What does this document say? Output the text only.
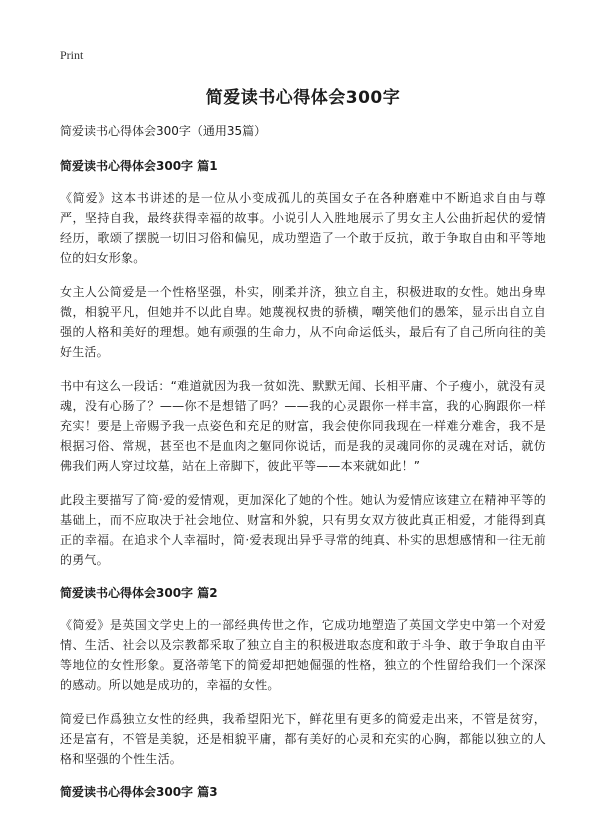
Print
简爱读书心得体会300字
简爱读书心得体会300字（通用35篇）
简爱读书心得体会300字 篇1

《简爱》这本书讲述的是一位从小变成孤儿的英国女子在各种磨难中不断追求自由与尊严，坚持自我，最终获得幸福的故事。小说引人入胜地展示了男女主人公曲折起伏的爱情经历，歌颂了摆脱一切旧习俗和偏见，成功塑造了一个敢于反抗，敢于争取自由和平等地位的妇女形象。

女主人公简爱是一个性格坚强，朴实，刚柔并济，独立自主，积极进取的女性。她出身卑微，相貌平凡，但她并不以此自卑。她蔑视权贵的骄横，嘲笑他们的愚笨，显示出自立自强的人格和美好的理想。她有顽强的生命力，从不向命运低头，最后有了自己所向往的美好生活。

书中有这么一段话：“难道就因为我一贫如洗、默默无闻、长相平庸、个子瘦小，就没有灵魂，没有心肠了？——你不是想错了吗？——我的心灵跟你一样丰富，我的心胸跟你一样充实！要是上帝赐予我一点姿色和充足的财富，我会使你同我现在一样难分难舍，我不是根据习俗、常规，甚至也不是血肉之躯同你说话，而是我的灵魂同你的灵魂在对话，就仿佛我们两人穿过坟墓，站在上帝脚下，彼此平等——本来就如此！”

此段主要描写了简·爱的爱情观，更加深化了她的个性。她认为爱情应该建立在精神平等的基础上，而不应取决于社会地位、财富和外貌，只有男女双方彼此真正相爱，才能得到真正的幸福。在追求个人幸福时，简·爱表现出异乎寻常的纯真、朴实的思想感情和一往无前的勇气。

简爱读书心得体会300字 篇2

《简爱》是英国文学史上的一部经典传世之作，它成功地塑造了英国文学史中第一个对爱情、生活、社会以及宗教都采取了独立自主的积极进取态度和敢于斗争、敢于争取自由平等地位的女性形象。夏洛蒂笔下的简爱却把她倔强的性格，独立的个性留给我们一个深深的感动。所以她是成功的，幸福的女性。

简爱已作爲独立女性的经典，我希望阳光下，鲜花里有更多的简爱走出来，不管是贫穷，还是富有，不管是美貌，还是相貌平庸，都有美好的心灵和充实的心胸，都能以独立的人格和坚强的个性生活。

简爱读书心得体会300字 篇3
